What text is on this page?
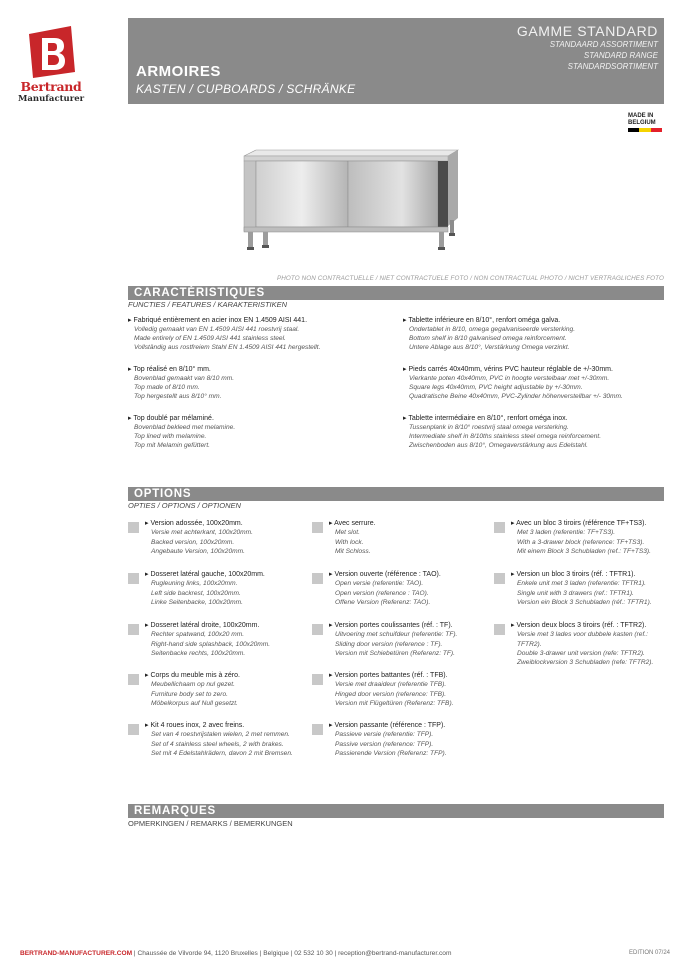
Bertrand
Manufacturer
GAMME STANDARD
STANDAARD ASSORTIMENT
STANDARD RANGE
STANDARDSORTIMENT
ARMOIRES
KASTEN / CUPBOARDS / SCHRÄNKE
MADE IN
BELGIUM
PHOTO NON CONTRACTUELLE / NIET CONTRACTUELE FOTO / NON CONTRACTUAL PHOTO / NICHT VERTRAGLICHES FOTO
CARACTÉRISTIQUES
FUNCTIES / FEATURES / KARAKTERISTIKEN
▸ Fabriqué entièrement en acier inox EN 1.4509 AISI 441.
Volledig gemaakt van EN 1.4509 AISI 441 roestvrij staal.
Made entirely of EN 1.4509 AISI 441 stainless steel.
Vollständig aus rostfreiem Stahl EN 1.4509 AISI 441 hergestellt.
▸ Top réalisé en 8/10° mm.
Bovenblad gemaakt van 8/10 mm.
Top made of 8/10 mm.
Top hergestellt aus 8/10° mm.
▸ Top doublé par mélaminé.
Bovenblad bekleed met melamine.
Top lined with melamine.
Top mit Melamin gefüttert.
▸ Tablette inférieure en 8/10°, renfort oméga galva.
Ondertablet in 8/10, omega gegalvaniseerde versterking.
Bottom shelf in 8/10 galvanised omega reinforcement.
Untere Ablage aus 8/10°, Verstärkung Omega verzinkt.
▸ Pieds carrés 40x40mm, vérins PVC hauteur réglable de +/-30mm.
Vierkante poten 40x40mm, PVC in hoogte verstelbaar met +/-30mm.
Square legs 40x40mm, PVC height adjustable by +/-30mm.
Quadratische Beine 40x40mm, PVC-Zylinder höhenverstellbar +/- 30mm.
▸ Tablette intermédiaire en 8/10°, renfort oméga inox.
Tussenplank in 8/10° roestvrij staal omega versterking.
Intermediate shelf in 8/10ths stainless steel omega reinforcement.
Zwischenboden aus 8/10°, Omegaverstärkung aus Edelstahl.
OPTIONS
OPTIES / OPTIONS / OPTIONEN
▸ Version adossée, 100x20mm.
Versie met achterkant, 100x20mm.
Backed version, 100x20mm.
Angebaute Version, 100x20mm.
▸ Dosseret latéral gauche, 100x20mm.
Rugleuning links, 100x20mm.
Left side backrest, 100x20mm.
Linke Seitenbacke, 100x20mm.
▸ Dosseret latéral droite, 100x20mm.
Rechter spatwand, 100x20 mm.
Right-hand side splashback, 100x20mm.
Seitenbacke rechts, 100x20mm.
▸ Corps du meuble mis à zéro.
Meubellichaam op nul gezet.
Furniture body set to zero.
Möbelkorpus auf Null gesetzt.
▸ Kit 4 roues inox, 2 avec freins.
Set van 4 roestvrijstalen wielen, 2 met remmen.
Set of 4 stainless steel wheels, 2 with brakes.
Set mit 4 Edelstahlrädern, davon 2 mit Bremsen.
▸ Avec serrure.
Met slot.
With lock.
Mit Schloss.
▸ Version ouverte (référence : TAO).
Open versie (referentie: TAO).
Open version (reference : TAO).
Offene Version (Referenz: TAO).
▸ Version portes coulissantes (réf. : TF).
Uitvoering met schuifdeur (referentie: TF).
Sliding door version (reference : TF).
Version mit Schiebetüren (Referenz: TF).
▸ Version portes battantes (réf. : TFB).
Versie met draaideur (referentie TFB).
Hinged door version (reference: TFB).
Version mit Flügeltüren (Referenz: TFB).
▸ Version passante (référence : TFP).
Passieve versie (referentie: TFP).
Passive version (reference: TFP).
Passierende Version (Referenz: TFP).
▸ Avec un bloc 3 tiroirs (référence TF+TS3).
Met 3 laden (referentie: TF+TS3).
With a 3-drawer block (reference: TF+TS3).
Mit einem Block 3 Schubladen (ref.: TF+TS3).
▸ Version un bloc 3 tiroirs (réf. : TFTR1).
Enkele unit met 3 laden (referentie: TFTR1).
Single unit with 3 drawers (ref.: TFTR1).
Version ein Block 3 Schubladen (réf.: TFTR1).
▸ Version deux blocs 3 tiroirs (réf. : TFTR2).
Versie met 3 lades voor dubbele kasten (ref.: TFTR2).
Double 3-drawer unit version (refe: TFTR2).
Zweiblockversion 3 Schubladen (refe: TFTR2).
REMARQUES
OPMERKINGEN / REMARKS / BEMERKUNGEN
BERTRAND-MANUFACTURER.COM | Chaussée de Vilvorde 94, 1120 Bruxelles | Belgique | 02 532 10 30 | reception@bertrand-manufacturer.com	EDITION 07/24
